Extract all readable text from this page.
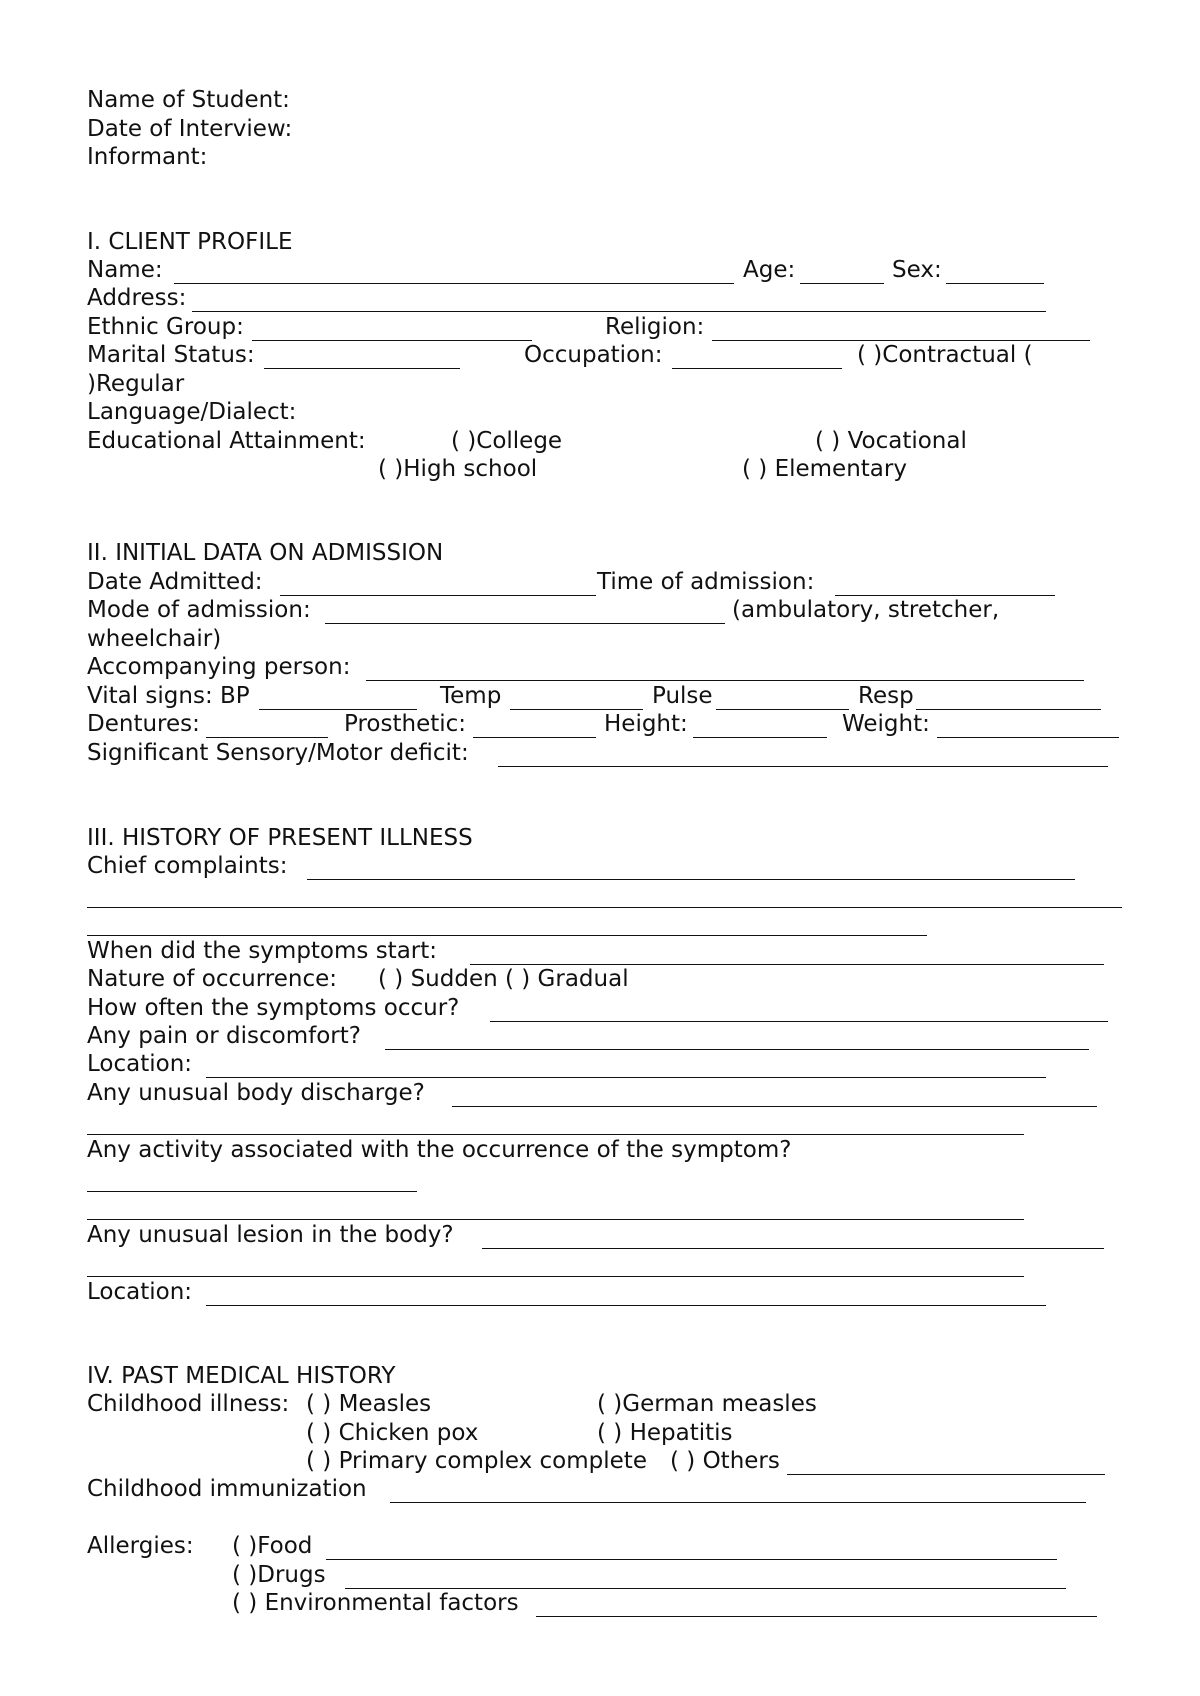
Name of Student:
Date of Interview:
Informant:
I. CLIENT PROFILE
Name:	Age:	Sex:
Address:
Ethnic Group:	Religion:
Marital Status:	Occupation:	( )Contractual (
)Regular
Language/Dialect:
Educational Attainment:	( )College	( ) Vocational
( )High school	( ) Elementary
II. INITIAL DATA ON ADMISSION
Date Admitted:	Time of admission:
Mode of admission:	(ambulatory, stretcher,
wheelchair)
Accompanying person:
Vital signs: BP	Temp	Pulse	Resp
Dentures:	Prosthetic:	Height:	Weight:
Significant Sensory/Motor deficit:
III. HISTORY OF PRESENT ILLNESS
Chief complaints:
When did the symptoms start:
Nature of occurrence: ( ) Sudden ( ) Gradual
How often the symptoms occur?
Any pain or discomfort?
Location:
Any unusual body discharge?
Any activity associated with the occurrence of the symptom?
Any unusual lesion in the body?
Location:
IV. PAST MEDICAL HISTORY
Childhood illness: ( ) Measles	( )German measles
( ) Chicken pox	( ) Hepatitis
( ) Primary complex complete ( ) Others
Childhood immunization
Allergies: ( )Food
( )Drugs
( ) Environmental factors
